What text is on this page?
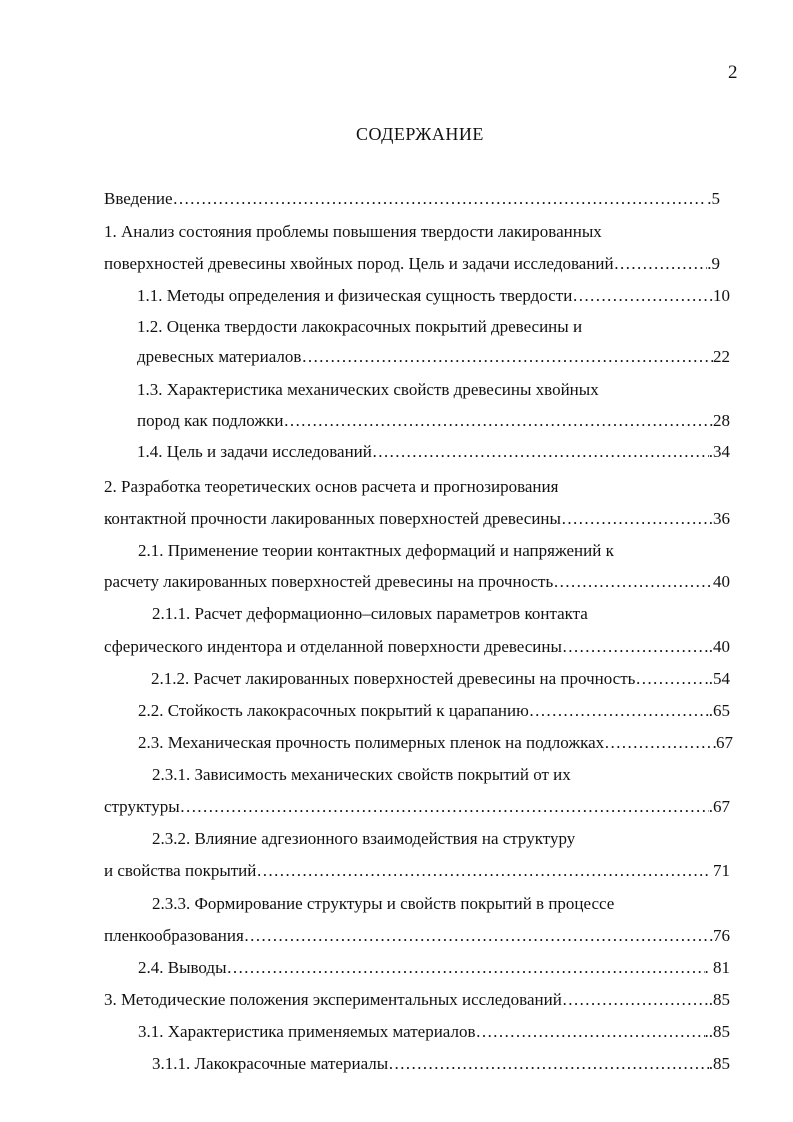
2
СОДЕРЖАНИЕ
Введение …………………………………………………………………………………………………………………………………………………………………………………………	.5
1. Анализ состояния проблемы повышения твердости лакированных
поверхностей древесины хвойных пород. Цель и задачи исследований …………………………………………………………………………………………………………………………………………………………………………………………	.9
1.1. Методы определения и физическая сущность твердости …………………………………………………………………………………………………………………………………………………………………………………………	10
1.2. Оценка твердости лакокрасочных покрытий древесины и
древесных материалов …………………………………………………………………………………………………………………………………………………………………………………………	22
1.3. Характеристика механических свойств древесины хвойных
пород как подложки …………………………………………………………………………………………………………………………………………………………………………………………	28
1.4. Цель и задачи исследований …………………………………………………………………………………………………………………………………………………………………………………………	.34
2. Разработка теоретических основ расчета и прогнозирования
контактной прочности лакированных поверхностей древесины …………………………………………………………………………………………………………………………………………………………………………………………	.36
2.1. Применение теории контактных деформаций и напряжений к
расчету лакированных поверхностей древесины на прочность …………………………………………………………………………………………………………………………………………………………………………………………	40
2.1.1. Расчет деформационно–силовых параметров контакта
сферического индентора и отделанной поверхности древесины …………………………………………………………………………………………………………………………………………………………………………………………	.40
2.1.2. Расчет лакированных поверхностей древесины на прочность …………………………………………………………………………………………………………………………………………………………………………………………	..54
2.2. Стойкость лакокрасочных покрытий к царапанию …………………………………………………………………………………………………………………………………………………………………………………………	.65
2.3. Механическая прочность полимерных пленок на подложках …………………………………………………………………………………………………………………………………………………………………………………………	67
2.3.1. Зависимость механических свойств покрытий от их
структуры …………………………………………………………………………………………………………………………………………………………………………………………	.67
2.3.2. Влияние адгезионного взаимодействия на структуру
и свойства покрытий …………………………………………………………………………………………………………………………………………………………………………………………	. 71
2.3.3. Формирование структуры и свойств покрытий в процессе
пленкообразования …………………………………………………………………………………………………………………………………………………………………………………………	76
2.4. Выводы …………………………………………………………………………………………………………………………………………………………………………………………	. 81
3. Методические положения экспериментальных исследований …………………………………………………………………………………………………………………………………………………………………………………………	.85
3.1. Характеристика применяемых материалов …………………………………………………………………………………………………………………………………………………………………………………………	..85
3.1.1. Лакокрасочные материалы …………………………………………………………………………………………………………………………………………………………………………………………	.85
